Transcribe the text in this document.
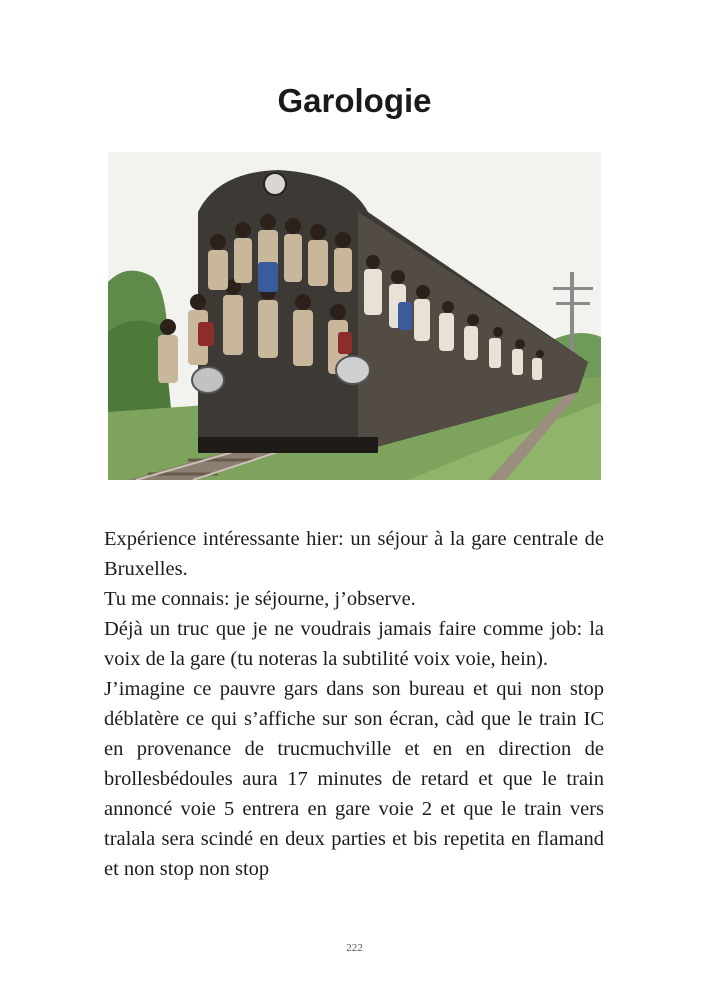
Garologie

Expérience intéressante hier: un séjour à la gare centrale de Bruxelles.

Tu me connais: je séjourne, j’observe.

Déjà un truc que je ne voudrais jamais faire comme job: la voix de la gare (tu noteras la subtilité voix voie, hein).

J’imagine ce pauvre gars dans son bureau et qui non stop déblatère ce qui s’affiche sur son écran, càd que le train IC en provenance de trucmuchville et en en direction de brollesbédoules aura 17 minutes de retard et que le train annoncé voie 5 entrera en gare voie 2 et que le train vers tralala sera scindé en deux parties et bis repetita en flamand et non stop non stop

222
